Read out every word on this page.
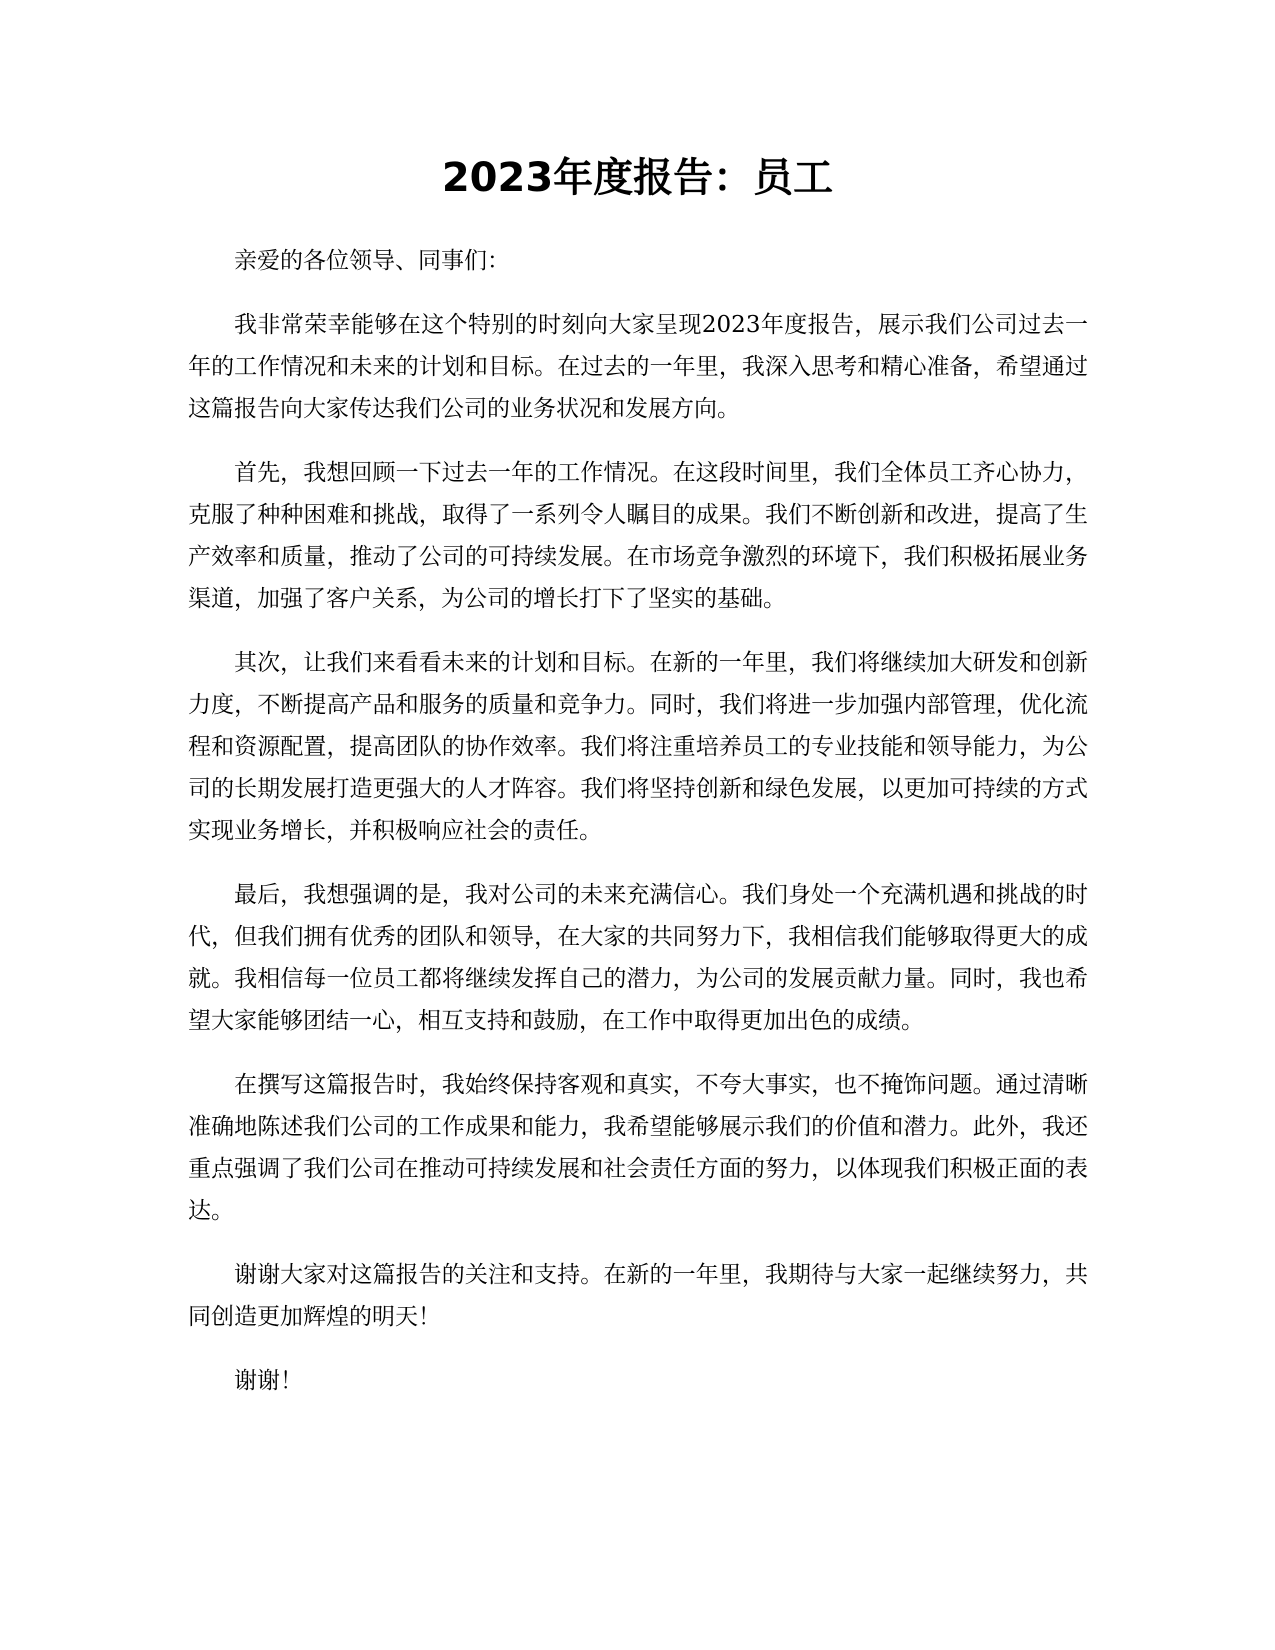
2023年度报告：员工

亲爱的各位领导、同事们：

我非常荣幸能够在这个特别的时刻向大家呈现2023年度报告，展示我们公司过去一年的工作情况和未来的计划和目标。在过去的一年里，我深入思考和精心准备，希望通过这篇报告向大家传达我们公司的业务状况和发展方向。

首先，我想回顾一下过去一年的工作情况。在这段时间里，我们全体员工齐心协力，克服了种种困难和挑战，取得了一系列令人瞩目的成果。我们不断创新和改进，提高了生产效率和质量，推动了公司的可持续发展。在市场竞争激烈的环境下，我们积极拓展业务渠道，加强了客户关系，为公司的增长打下了坚实的基础。

其次，让我们来看看未来的计划和目标。在新的一年里，我们将继续加大研发和创新力度，不断提高产品和服务的质量和竞争力。同时，我们将进一步加强内部管理，优化流程和资源配置，提高团队的协作效率。我们将注重培养员工的专业技能和领导能力，为公司的长期发展打造更强大的人才阵容。我们将坚持创新和绿色发展，以更加可持续的方式实现业务增长，并积极响应社会的责任。

最后，我想强调的是，我对公司的未来充满信心。我们身处一个充满机遇和挑战的时代，但我们拥有优秀的团队和领导，在大家的共同努力下，我相信我们能够取得更大的成就。我相信每一位员工都将继续发挥自己的潜力，为公司的发展贡献力量。同时，我也希望大家能够团结一心，相互支持和鼓励，在工作中取得更加出色的成绩。

在撰写这篇报告时，我始终保持客观和真实，不夸大事实，也不掩饰问题。通过清晰准确地陈述我们公司的工作成果和能力，我希望能够展示我们的价值和潜力。此外，我还重点强调了我们公司在推动可持续发展和社会责任方面的努力，以体现我们积极正面的表达。

谢谢大家对这篇报告的关注和支持。在新的一年里，我期待与大家一起继续努力，共同创造更加辉煌的明天！

谢谢！
